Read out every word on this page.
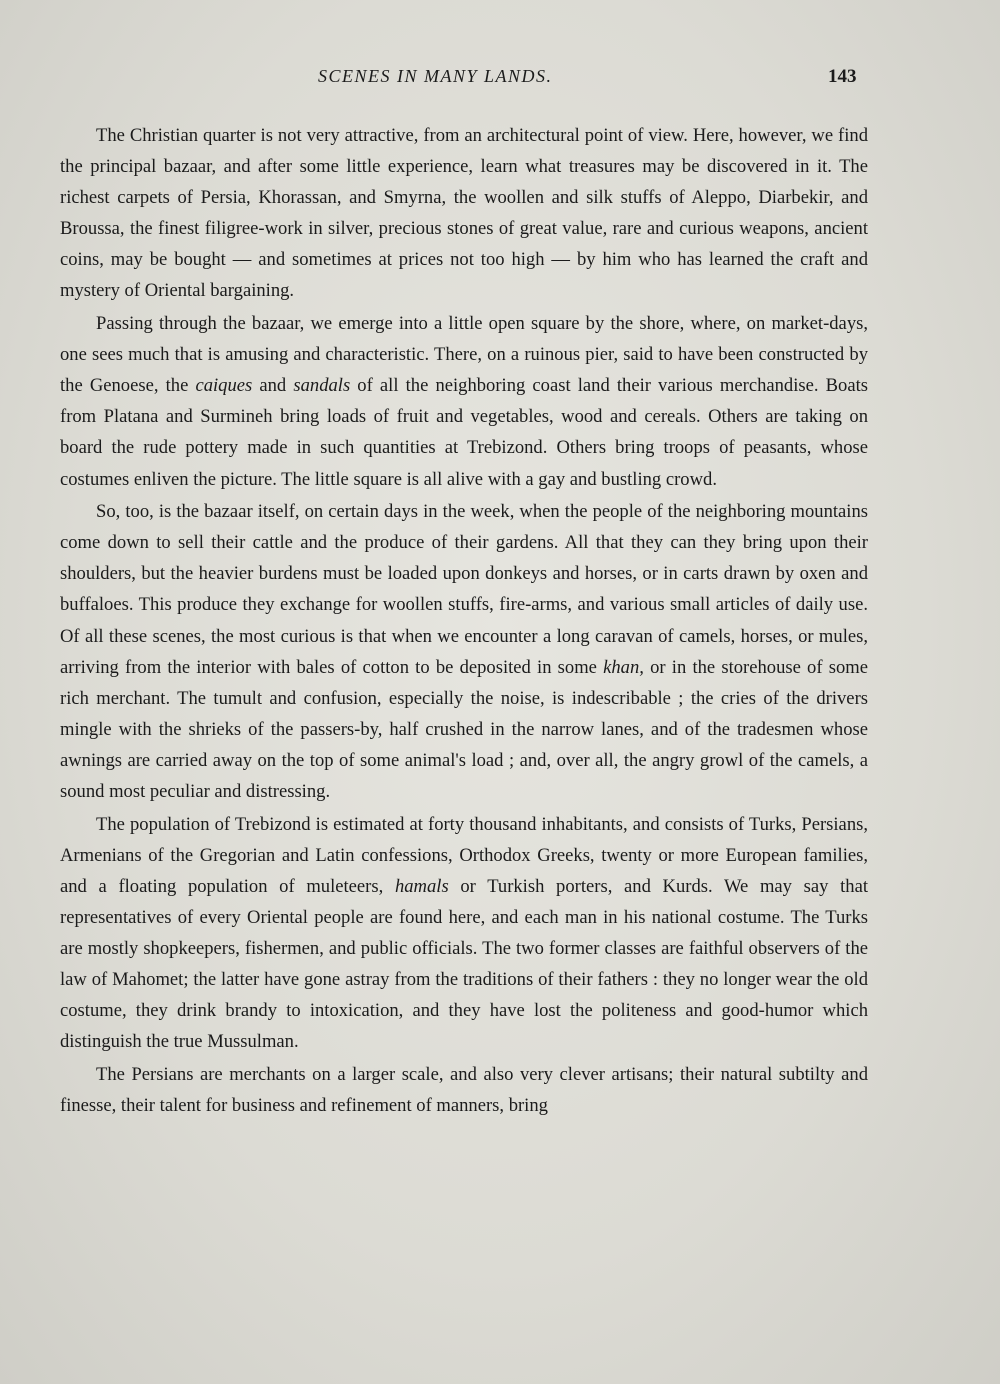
SCENES IN MANY LANDS.	143

The Christian quarter is not very attractive, from an architectural point of view. Here, however, we find the principal bazaar, and after some little experience, learn what treasures may be discovered in it. The richest carpets of Persia, Khorassan, and Smyrna, the woollen and silk stuffs of Aleppo, Diarbekir, and Broussa, the finest filigree-work in silver, precious stones of great value, rare and curious weapons, ancient coins, may be bought — and sometimes at prices not too high — by him who has learned the craft and mystery of Oriental bargaining.

Passing through the bazaar, we emerge into a little open square by the shore, where, on market-days, one sees much that is amusing and characteristic. There, on a ruinous pier, said to have been constructed by the Genoese, the caiques and sandals of all the neighboring coast land their various merchandise. Boats from Platana and Surmineh bring loads of fruit and vegetables, wood and cereals. Others are taking on board the rude pottery made in such quantities at Trebizond. Others bring troops of peasants, whose costumes enliven the picture. The little square is all alive with a gay and bustling crowd.

So, too, is the bazaar itself, on certain days in the week, when the people of the neighboring mountains come down to sell their cattle and the produce of their gardens. All that they can they bring upon their shoulders, but the heavier burdens must be loaded upon donkeys and horses, or in carts drawn by oxen and buffaloes. This produce they exchange for woollen stuffs, fire-arms, and various small articles of daily use. Of all these scenes, the most curious is that when we encounter a long caravan of camels, horses, or mules, arriving from the interior with bales of cotton to be deposited in some khan, or in the storehouse of some rich merchant. The tumult and confusion, especially the noise, is indescribable ; the cries of the drivers mingle with the shrieks of the passers-by, half crushed in the narrow lanes, and of the tradesmen whose awnings are carried away on the top of some animal's load ; and, over all, the angry growl of the camels, a sound most peculiar and distressing.

The population of Trebizond is estimated at forty thousand inhabitants, and consists of Turks, Persians, Armenians of the Gregorian and Latin confessions, Orthodox Greeks, twenty or more European families, and a floating population of muleteers, hamals or Turkish porters, and Kurds. We may say that representatives of every Oriental people are found here, and each man in his national costume. The Turks are mostly shopkeepers, fishermen, and public officials. The two former classes are faithful observers of the law of Mahomet; the latter have gone astray from the traditions of their fathers : they no longer wear the old costume, they drink brandy to intoxication, and they have lost the politeness and good-humor which distinguish the true Mussulman.

The Persians are merchants on a larger scale, and also very clever artisans; their natural subtilty and finesse, their talent for business and refinement of manners, bring
